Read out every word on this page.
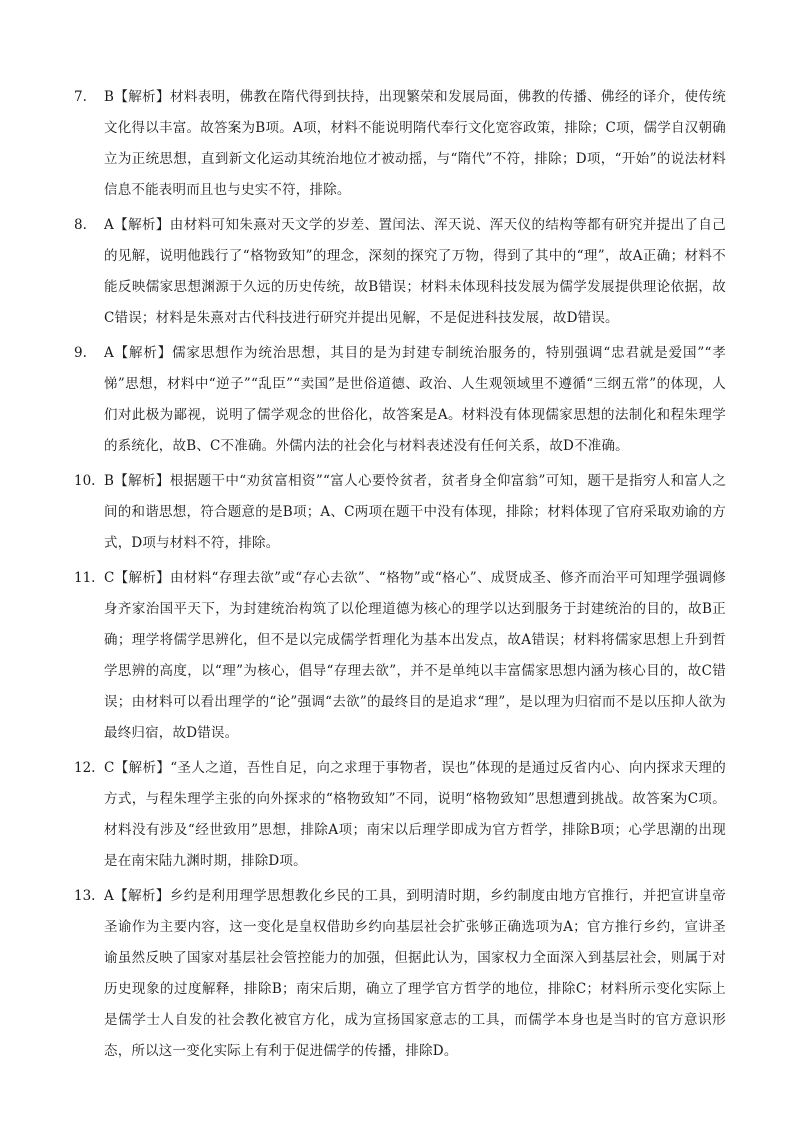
7.	B【解析】材料表明，佛教在隋代得到扶持，出现繁荣和发展局面，佛教的传播、佛经的译介，使传统文化得以丰富。故答案为B项。A项，材料不能说明隋代奉行文化宽容政策，排除；C项，儒学自汉朝确立为正统思想，直到新文化运动其统治地位才被动摇，与“隋代”不符，排除；D项，“开始”的说法材料信息不能表明而且也与史实不符，排除。

8.	A【解析】由材料可知朱熹对天文学的岁差、置闰法、浑天说、浑天仪的结构等都有研究并提出了自己的见解，说明他践行了“格物致知”的理念，深刻的探究了万物，得到了其中的“理”，故A正确；材料不能反映儒家思想渊源于久远的历史传统，故B错误；材料未体现科技发展为儒学发展提供理论依据，故C错误；材料是朱熹对古代科技进行研究并提出见解，不是促进科技发展，故D错误。

9.	A【解析】儒家思想作为统治思想，其目的是为封建专制统治服务的，特别强调“忠君就是爱国”“孝悌”思想，材料中“逆子”“乱臣”“卖国”是世俗道德、政治、人生观领域里不遵循“三纲五常”的体现，人们对此极为鄙视，说明了儒学观念的世俗化，故答案是A。材料没有体现儒家思想的法制化和程朱理学的系统化，故B、C不准确。外儒内法的社会化与材料表述没有任何关系，故D不准确。

10. B【解析】根据题干中“劝贫富相资”“富人心要怜贫者，贫者身全仰富翁”可知，题干是指穷人和富人之间的和谐思想，符合题意的是B项；A、C两项在题干中没有体现，排除；材料体现了官府采取劝谕的方式，D项与材料不符，排除。

11. C【解析】由材料“存理去欲”或“存心去欲”、“格物”或“格心”、成贤成圣、修齐而治平可知理学强调修身齐家治国平天下，为封建统治构筑了以伦理道德为核心的理学以达到服务于封建统治的目的，故B正确；理学将儒学思辨化，但不是以完成儒学哲理化为基本出发点，故A错误；材料将儒家思想上升到哲学思辨的高度，以“理”为核心，倡导“存理去欲”，并不是单纯以丰富儒家思想内涵为核心目的，故C错误；由材料可以看出理学的“论”强调“去欲”的最终目的是追求“理”，是以理为归宿而不是以压抑人欲为最终归宿，故D错误。

12. C【解析】“圣人之道，吾性自足，向之求理于事物者，误也”体现的是通过反省内心、向内探求天理的方式，与程朱理学主张的向外探求的“格物致知”不同，说明“格物致知”思想遭到挑战。故答案为C项。材料没有涉及“经世致用”思想，排除A项；南宋以后理学即成为官方哲学，排除B项；心学思潮的出现是在南宋陆九渊时期，排除D项。

13. A【解析】乡约是利用理学思想教化乡民的工具，到明清时期，乡约制度由地方官推行，并把宣讲皇帝圣谕作为主要内容，这一变化是皇权借助乡约向基层社会扩张够正确选项为A；官方推行乡约，宣讲圣谕虽然反映了国家对基层社会管控能力的加强，但据此认为，国家权力全面深入到基层社会，则属于对历史现象的过度解释，排除B；南宋后期，确立了理学官方哲学的地位，排除C；材料所示变化实际上是儒学士人自发的社会教化被官方化，成为宣扬国家意志的工具，而儒学本身也是当时的官方意识形态，所以这一变化实际上有利于促进儒学的传播，排除D。
